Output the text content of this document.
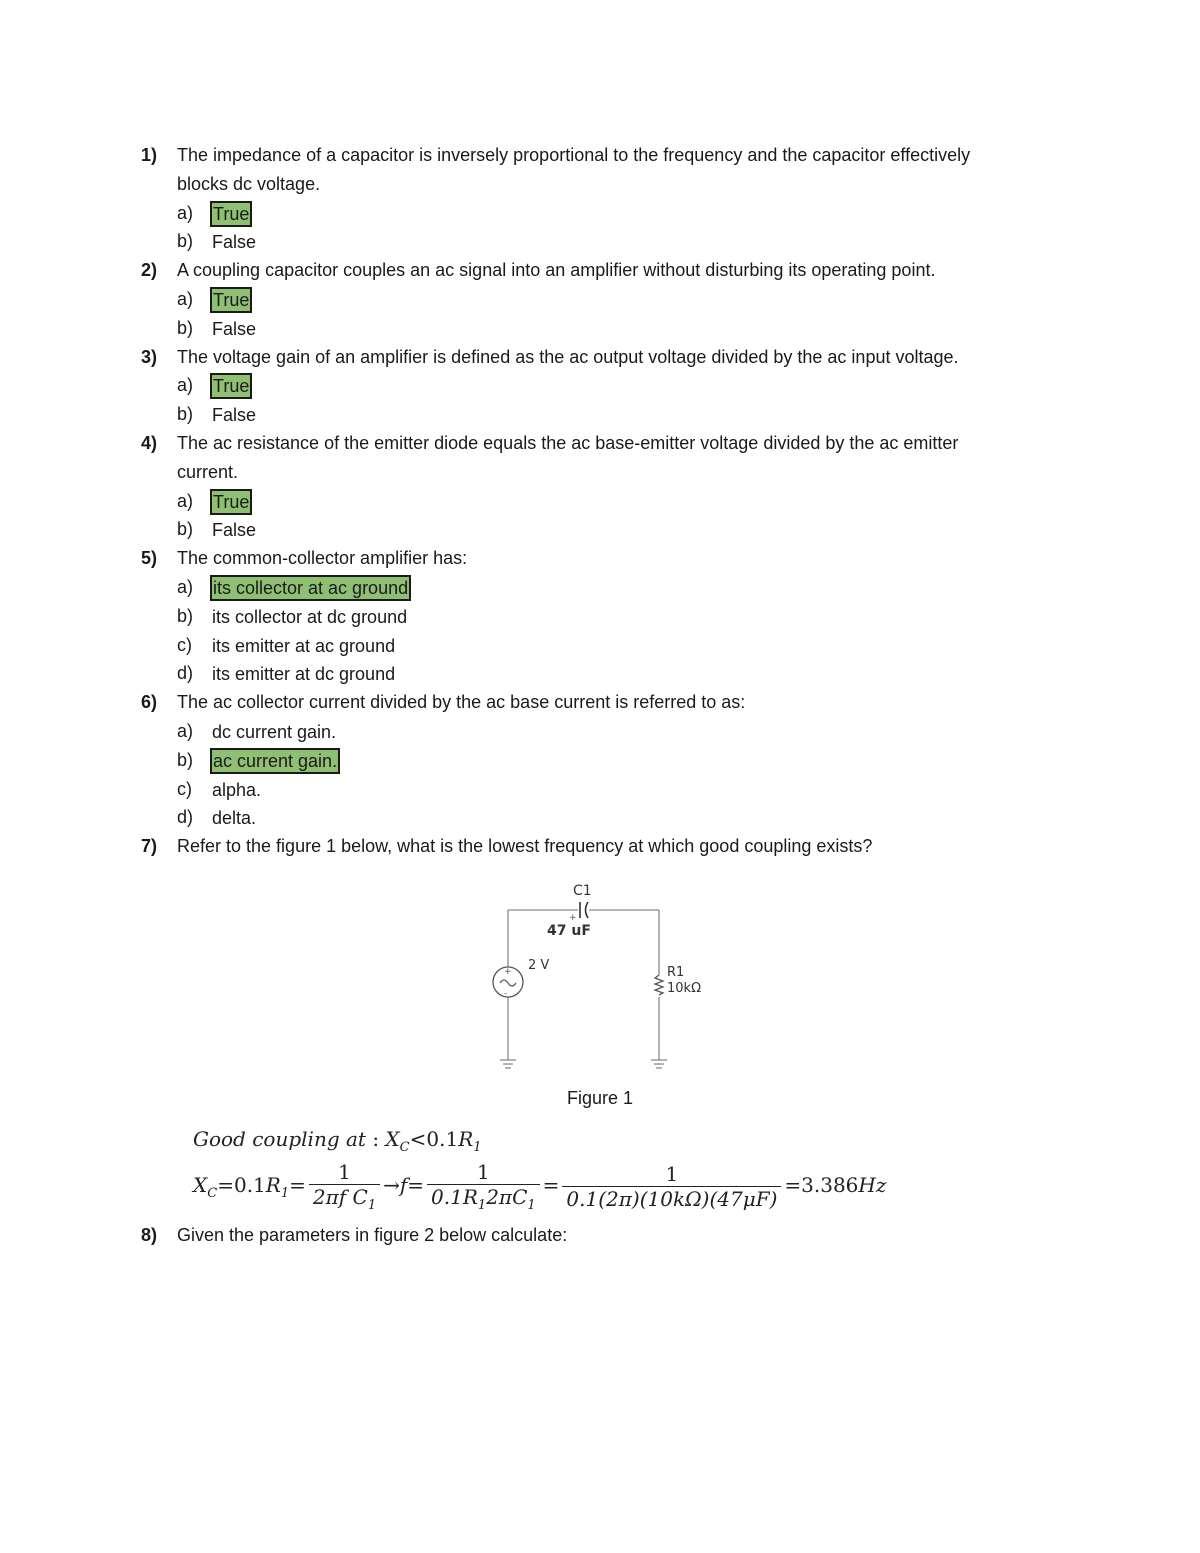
1) The impedance of a capacitor is inversely proportional to the frequency and the capacitor effectively
blocks dc voltage.
a) True
b) False
2) A coupling capacitor couples an ac signal into an amplifier without disturbing its operating point.
a) True
b) False
3) The voltage gain of an amplifier is defined as the ac output voltage divided by the ac input voltage.
a) True
b) False
4) The ac resistance of the emitter diode equals the ac base-emitter voltage divided by the ac emitter
current.
a) True
b) False
5) The common-collector amplifier has:
a) its collector at ac ground
b) its collector at dc ground
c) its emitter at ac ground
d) its emitter at dc ground
6) The ac collector current divided by the ac base current is referred to as:
a) dc current gain.
b) ac current gain.
c) alpha.
d) delta.
7) Refer to the figure 1 below, what is the lowest frequency at which good coupling exists?
+
-
C1
+
47 uF
2 V	R1
10kΩ
Figure 1
Good coupling at : $X_C<0.1R_1$
$X_C=0.1R_1= \frac{1}{2\pi f C_1} \to f= \frac{1}{0.1R_12\pi C_1} = \frac{1}{0.1(2\pi)(10k\Omega)(47\mu F)} =3.386Hz$
8) Given the parameters in figure 2 below calculate:
